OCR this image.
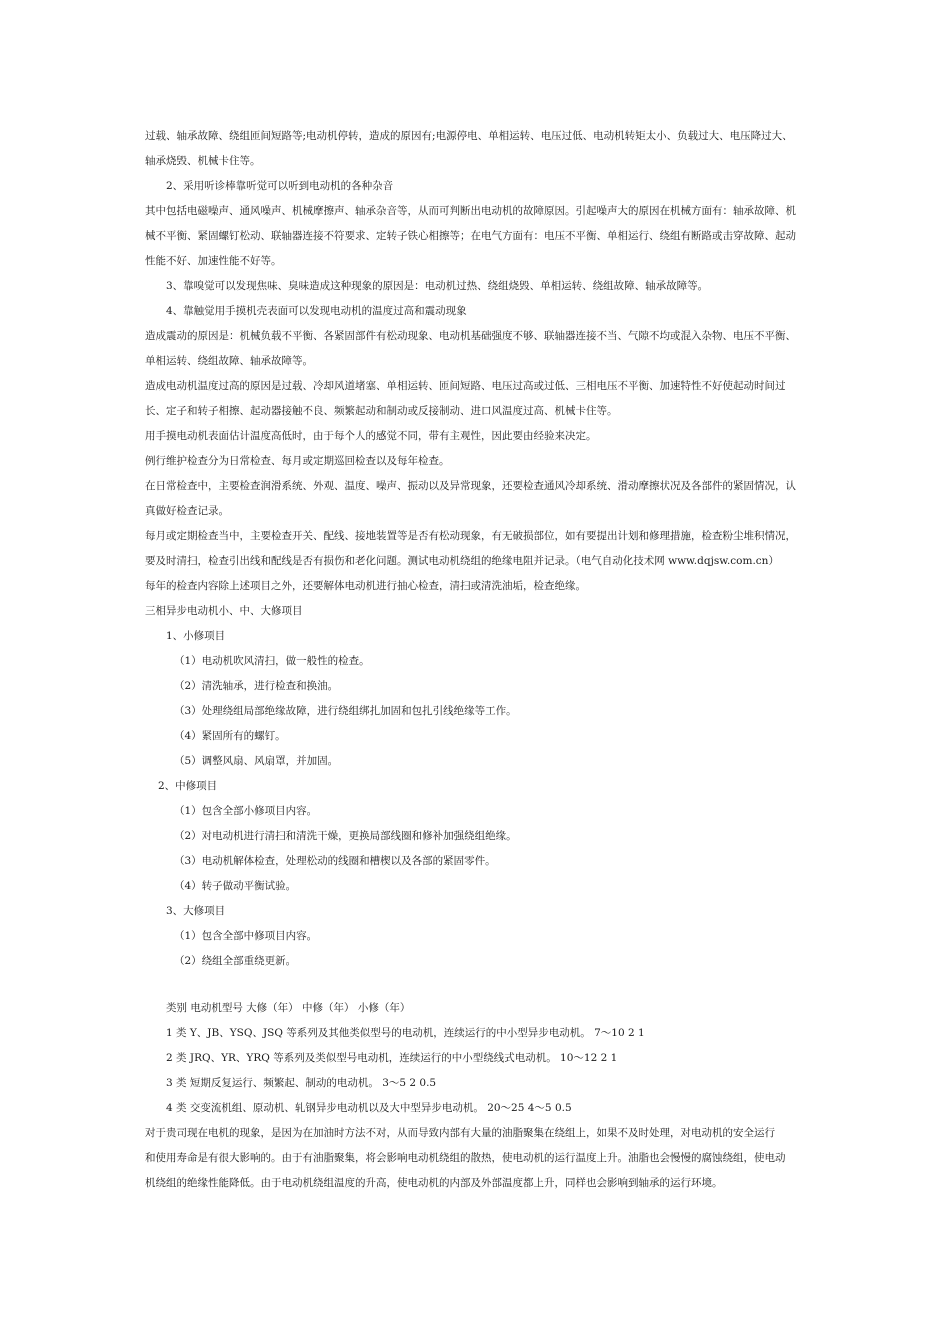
过载、轴承故障、绕组匝间短路等;电动机停转，造成的原因有;电源停电、单相运转、电压过低、电动机转矩太小、负载过大、电压降过大、
轴承烧毁、机械卡住等。
2、采用听诊棒靠听觉可以听到电动机的各种杂音
其中包括电磁噪声、通风噪声、机械摩擦声、轴承杂音等，从而可判断出电动机的故障原因。引起噪声大的原因在机械方面有：轴承故障、机
械不平衡、紧固螺钉松动、联轴器连接不符要求、定转子铁心相擦等；在电气方面有：电压不平衡、单相运行、绕组有断路或击穿故障、起动
性能不好、加速性能不好等。
3、靠嗅觉可以发现焦味、臭味造成这种现象的原因是：电动机过热、绕组烧毁、单相运转、绕组故障、轴承故障等。
4、靠触觉用手摸机壳表面可以发现电动机的温度过高和震动现象
造成震动的原因是：机械负载不平衡、各紧固部件有松动现象、电动机基础强度不够、联轴器连接不当、气隙不均或混入杂物、电压不平衡、
单相运转、绕组故障、轴承故障等。
造成电动机温度过高的原因是过载、冷却风道堵塞、单相运转、匝间短路、电压过高或过低、三相电压不平衡、加速特性不好使起动时间过
长、定子和转子相擦、起动器接触不良、频繁起动和制动或反接制动、进口风温度过高、机械卡住等。
用手摸电动机表面估计温度高低时，由于每个人的感觉不同，带有主观性，因此要由经验来决定。
例行维护检查分为日常检查、每月或定期巡回检查以及每年检查。
在日常检查中，主要检查润滑系统、外观、温度、噪声、振动以及异常现象，还要检查通风冷却系统、滑动摩擦状况及各部件的紧固情况，认
真做好检查记录。
每月或定期检查当中，主要检查开关、配线、接地装置等是否有松动现象，有无破损部位，如有要提出计划和修理措施，检查粉尘堆积情况，
要及时清扫，检查引出线和配线是否有损伤和老化问题。测试电动机绕组的绝缘电阻并记录。（电气自动化技术网 www.dqjsw.com.cn）
每年的检查内容除上述项目之外，还要解体电动机进行抽心检查，清扫或清洗油垢，检查绝缘。
三相异步电动机小、中、大修项目
1、小修项目
（1）电动机吹风清扫，做一般性的检查。
（2）清洗轴承，进行检查和换油。
（3）处理绕组局部绝缘故障，进行绕组绑扎加固和包扎引线绝缘等工作。
（4）紧固所有的螺钉。
（5）调整风扇、风扇罩，并加固。
2、中修项目
（1）包含全部小修项目内容。
（2）对电动机进行清扫和清洗干燥，更换局部线圈和修补加强绕组绝缘。
（3）电动机解体检查，处理松动的线圈和槽楔以及各部的紧固零件。
（4）转子做动平衡试验。
3、大修项目
（1）包含全部中修项目内容。
（2）绕组全部重绕更新。
类别 电动机型号 大修（年） 中修（年） 小修（年）
1 类 Y、JB、YSQ、JSQ 等系列及其他类似型号的电动机，连续运行的中小型异步电动机。 7～10 2 1
2 类 JRQ、YR、YRQ 等系列及类似型号电动机，连续运行的中小型绕线式电动机。 10～12 2 1
3 类 短期反复运行、频繁起、制动的电动机。 3～5 2 0.5
4 类 交变流机组、原动机、轧钢异步电动机以及大中型异步电动机。 20～25 4～5 0.5
对于贵司现在电机的现象，是因为在加油时方法不对，从而导致内部有大量的油脂聚集在绕组上，如果不及时处理，对电动机的安全运行
和使用寿命是有很大影响的。由于有油脂聚集，将会影响电动机绕组的散热，使电动机的运行温度上升。油脂也会慢慢的腐蚀绕组，使电动
机绕组的绝缘性能降低。由于电动机绕组温度的升高，使电动机的内部及外部温度都上升，同样也会影响到轴承的运行环境。
